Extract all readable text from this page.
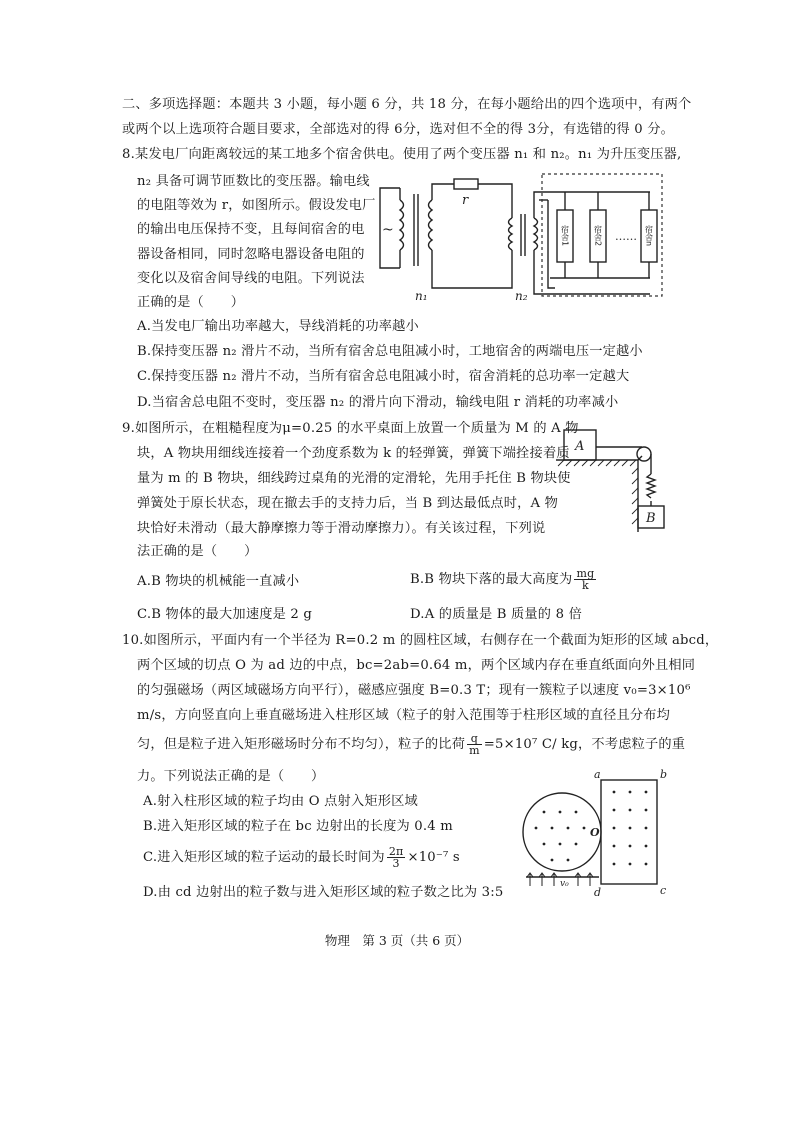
二、多项选择题：本题共 3 小题，每小题 6 分，共 18 分，在每小题给出的四个选项中，有两个
或两个以上选项符合题目要求，全部选对的得 6分，选对但不全的得 3分，有选错的得 0 分。
8.某发电厂向距离较远的某工地多个宿舍供电。使用了两个变压器 n₁ 和 n₂。n₁ 为升压变压器,
n₂ 具备可调节匝数比的变压器。输电线
的电阻等效为 r，如图所示。假设发电厂
的输出电压保持不变，且每间宿舍的电
器设备相同，同时忽略电器设备电阻的
变化以及宿舍间导线的电阻。下列说法
正确的是（　　）
~
r
n₁	n₂
……
宿舍1	宿舍2	宿舍n
A.当发电厂输出功率越大，导线消耗的功率越小
B.保持变压器 n₂ 滑片不动，当所有宿舍总电阻减小时，工地宿舍的两端电压一定越小
C.保持变压器 n₂ 滑片不动，当所有宿舍总电阻减小时，宿舍消耗的总功率一定越大
D.当宿舍总电阻不变时，变压器 n₂ 的滑片向下滑动，输线电阻 r 消耗的功率减小
9.如图所示，在粗糙程度为μ=0.25 的水平桌面上放置一个质量为 M 的 A 物
块，A 物块用细线连接着一个劲度系数为 k 的轻弹簧，弹簧下端拴接着质
量为 m 的 B 物块，细线跨过桌角的光滑的定滑轮，先用手托住 B 物块使
弹簧处于原长状态，现在撤去手的支持力后，当 B 到达最低点时，A 物
块恰好未滑动（最大静摩擦力等于滑动摩擦力）。有关该过程，下列说
法正确的是（　　）
A
B
A.B 物块的机械能一直减小	B.B 物块下落的最大高度为 $\frac{mg}{k}$
C.B 物体的最大加速度是 2 g	D.A 的质量是 B 质量的 8 倍
10.如图所示，平面内有一个半径为 R=0.2 m 的圆柱区域，右侧存在一个截面为矩形的区域 abcd，
两个区域的切点 O 为 ad 边的中点，bc=2ab=0.64 m，两个区域内存在垂直纸面向外且相同
的匀强磁场（两区域磁场方向平行），磁感应强度 B=0.3 T；现有一簇粒子以速度 v₀=3×10⁶
m/s，方向竖直向上垂直磁场进入柱形区域（粒子的射入范围等于柱形区域的直径且分布均
匀，但是粒子进入矩形磁场时分布不均匀），粒子的比荷 $\frac{q}{m} =5\times 10^7$ C/ kg，不考虑粒子的重
力。下列说法正确的是（　　）
A.射入柱形区域的粒子均由 O 点射入矩形区域
B.进入矩形区域的粒子在 bc 边射出的长度为 0.4 m
C.进入矩形区域的粒子运动的最长时间为 $\frac{2\pi}{3} \times 10^{-7}$ s
D.由 cd 边射出的粒子数与进入矩形区域的粒子数之比为 3:5
a	b
c
d
O
v₀
物理　第 3 页（共 6 页）
